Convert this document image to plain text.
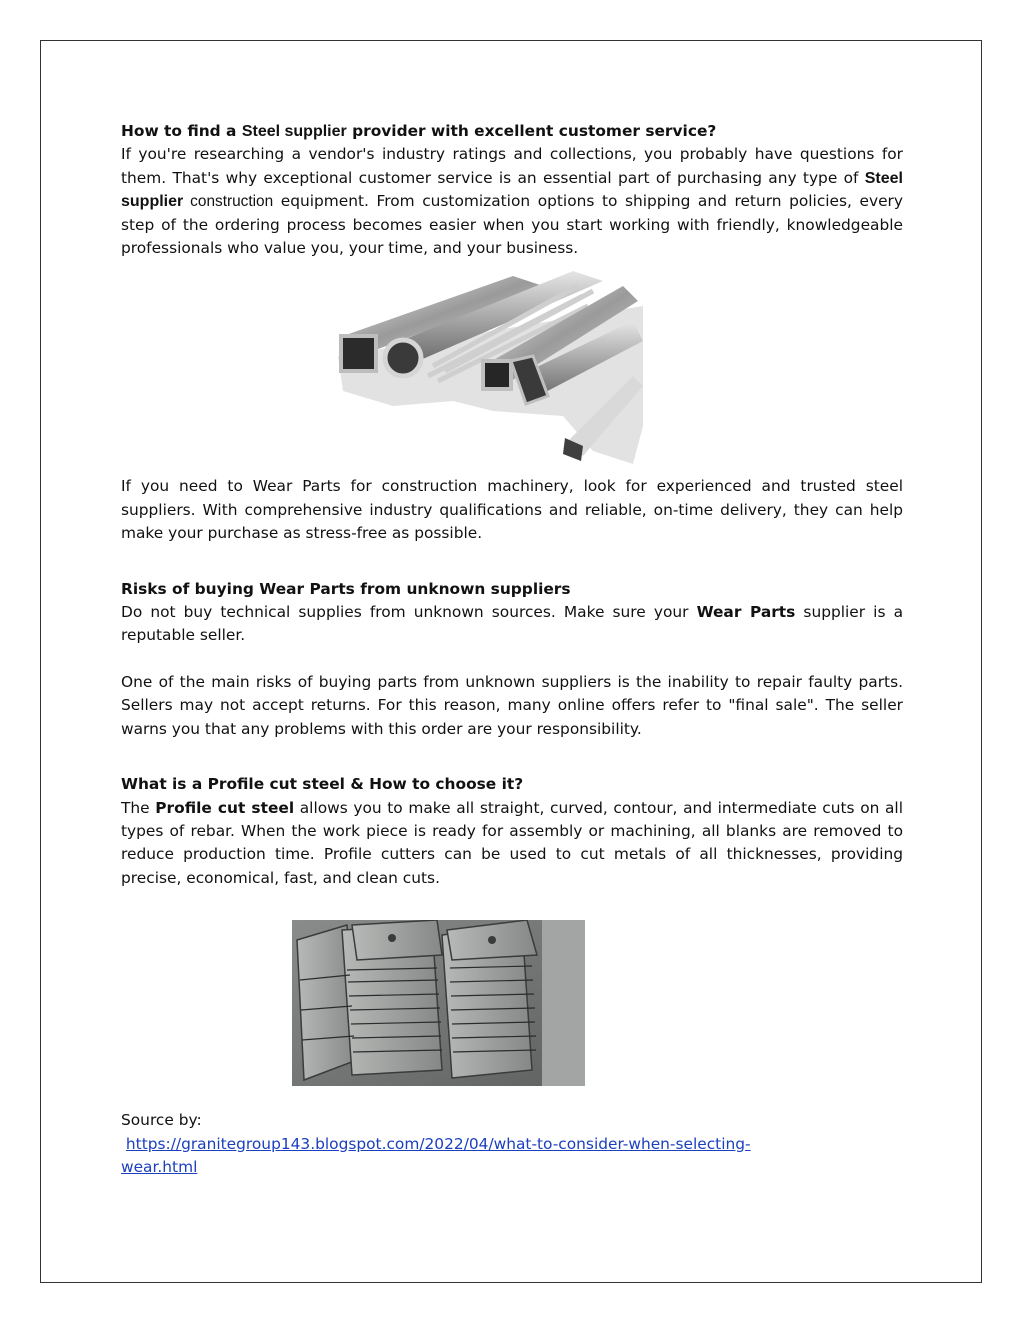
How to find a Steel supplier provider with excellent customer service?

If you're researching a vendor's industry ratings and collections, you probably have questions for them. That's why exceptional customer service is an essential part of purchasing any type of Steel supplier construction equipment. From customization options to shipping and return policies, every step of the ordering process becomes easier when you start working with friendly, knowledgeable professionals who value you, your time, and your business.

If you need to Wear Parts for construction machinery, look for experienced and trusted steel suppliers. With comprehensive industry qualifications and reliable, on-time delivery, they can help make your purchase as stress-free as possible.

Risks of buying Wear Parts from unknown suppliers

Do not buy technical supplies from unknown sources. Make sure your Wear Parts supplier is a reputable seller.

One of the main risks of buying parts from unknown suppliers is the inability to repair faulty parts. Sellers may not accept returns. For this reason, many online offers refer to "final sale". The seller warns you that any problems with this order are your responsibility.

What is a Profile cut steel & How to choose it?

The Profile cut steel allows you to make all straight, curved, contour, and intermediate cuts on all types of rebar. When the work piece is ready for assembly or machining, all blanks are removed to reduce production time. Profile cutters can be used to cut metals of all thicknesses, providing precise, economical, fast, and clean cuts.

Source by:

https://granitegroup143.blogspot.com/2022/04/what-to-consider-when-selecting-
wear.html
